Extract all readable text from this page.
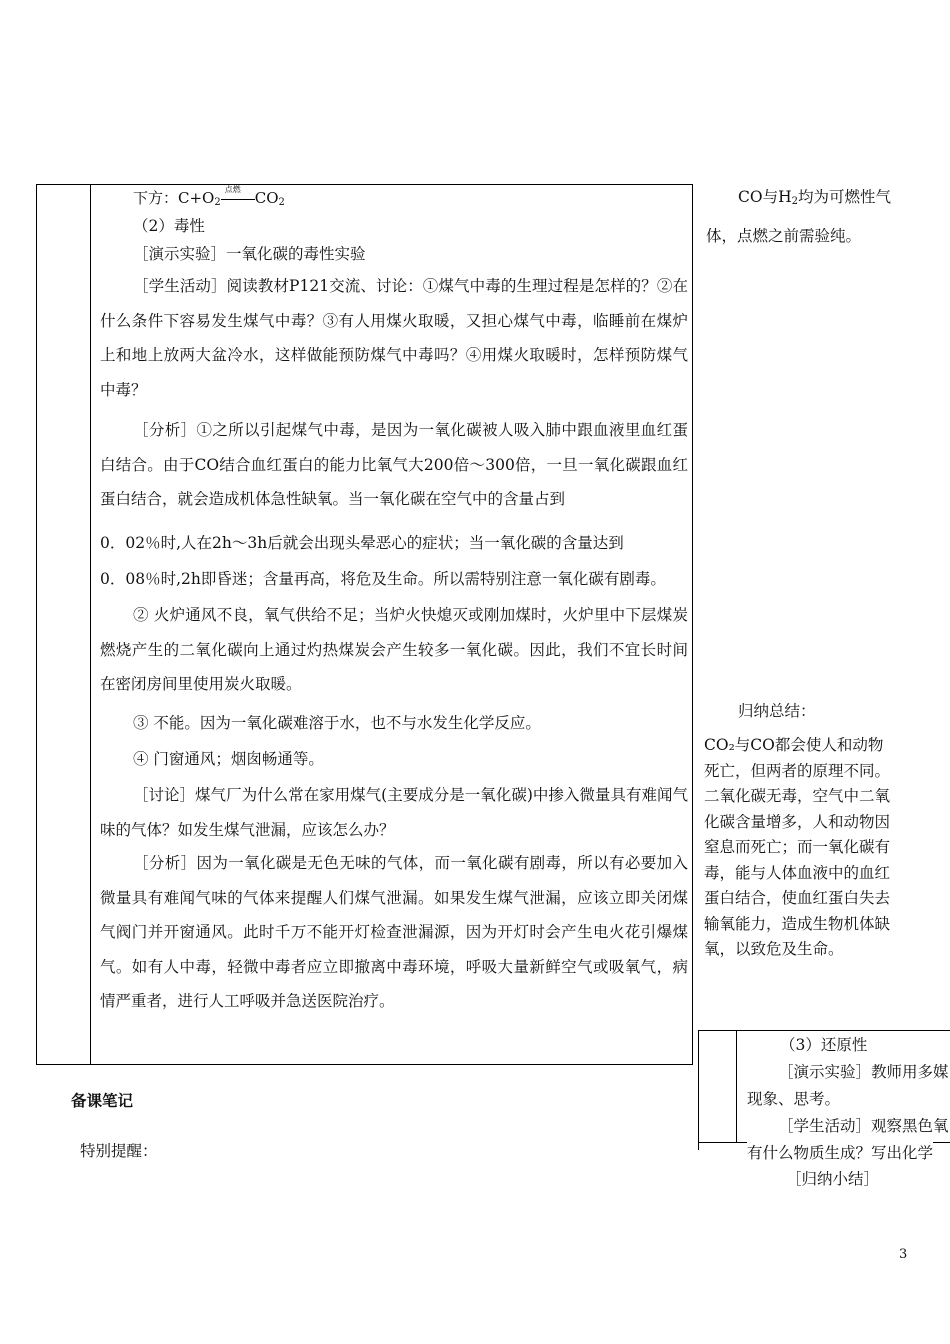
下方：$C+O_2$
点燃 $CO_2$
（2）毒性
［演示实验］一氧化碳的毒性实验
［学生活动］阅读教材P121交流、讨论：①煤气中毒的生理过程是怎样的？②在什么条件下容易发生煤气中毒？③有人用煤火取暖，又担心煤气中毒，临睡前在煤炉上和地上放两大盆冷水，这样做能预防煤气中毒吗？④用煤火取暖时，怎样预防煤气中毒？
［分析］①之所以引起煤气中毒，是因为一氧化碳被人吸入肺中跟血液里血红蛋白结合。由于CO结合血红蛋白的能力比氧气大200倍～300倍，一旦一氧化碳跟血红蛋白结合，就会造成机体急性缺氧。当一氧化碳在空气中的含量占到
0．02％时,人在2h～3h后就会出现头晕恶心的症状；当一氧化碳的含量达到
0．08％时,2h即昏迷；含量再高，将危及生命。所以需特别注意一氧化碳有剧毒。
② 火炉通风不良，氧气供给不足；当炉火快熄灭或刚加煤时，火炉里中下层煤炭燃烧产生的二氧化碳向上通过灼热煤炭会产生较多一氧化碳。因此，我们不宜长时间在密闭房间里使用炭火取暖。
③ 不能。因为一氧化碳难溶于水，也不与水发生化学反应。
④ 门窗通风；烟囱畅通等。
［讨论］煤气厂为什么常在家用煤气(主要成分是一氧化碳)中掺入微量具有难闻气味的气体？如发生煤气泄漏，应该怎么办？
［分析］因为一氧化碳是无色无味的气体，而一氧化碳有剧毒，所以有必要加入微量具有难闻气味的气体来提醒人们煤气泄漏。如果发生煤气泄漏，应该立即关闭煤气阀门并开窗通风。此时千万不能开灯检查泄漏源，因为开灯时会产生电火花引爆煤气。如有人中毒，轻微中毒者应立即撤离中毒环境，呼吸大量新鲜空气或吸氧气，病情严重者，进行人工呼吸并急送医院治疗。
CO与$H_2$均为可燃性气
体，点燃之前需验纯。
归纳总结：
CO₂与CO都会使人和动物
死亡，但两者的原理不同。
二氧化碳无毒，空气中二氧
化碳含量增多，人和动物因
窒息而死亡；而一氧化碳有
毒，能与人体血液中的血红
蛋白结合，使血红蛋白失去
输氧能力，造成生物机体缺
氧，以致危及生命。
（3）还原性
［演示实验］教师用多媒
现象、思考。
［学生活动］观察黑色氧
有什么物质生成？写出化学
［归纳小结］
备课笔记
特别提醒：
3
